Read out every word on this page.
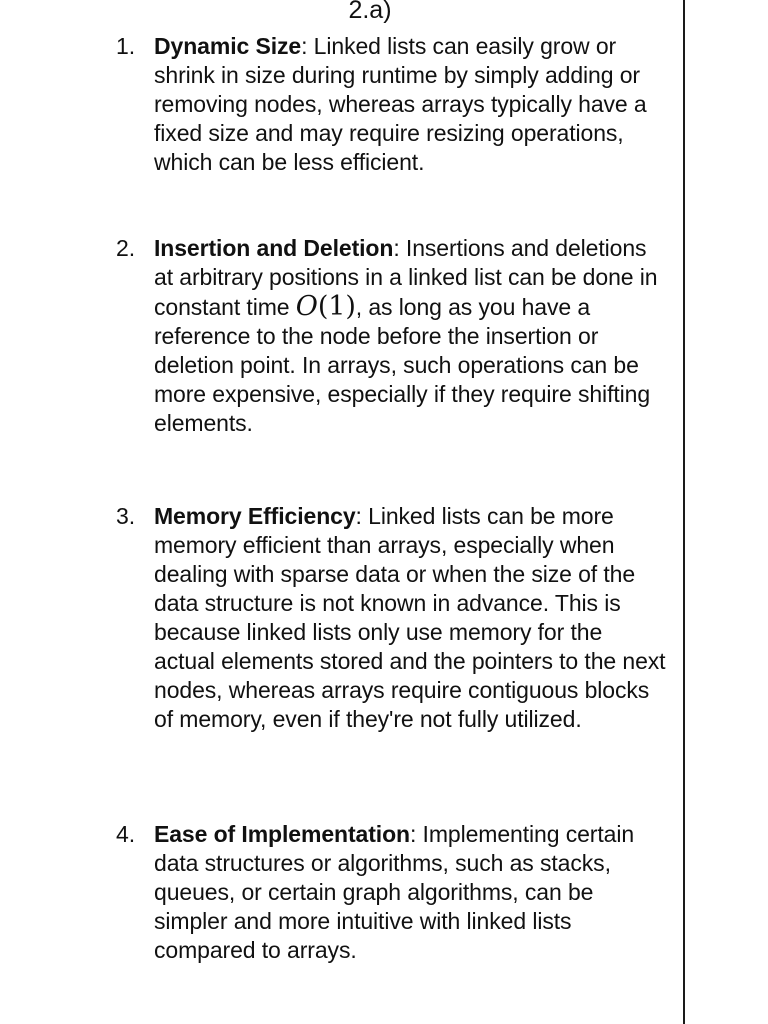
2.a)
1. Dynamic Size: Linked lists can easily grow or shrink in size during runtime by simply adding or removing nodes, whereas arrays typically have a fixed size and may require resizing operations, which can be less efficient.
2. Insertion and Deletion: Insertions and deletions at arbitrary positions in a linked list can be done in constant time O(1), as long as you have a reference to the node before the insertion or deletion point. In arrays, such operations can be more expensive, especially if they require shifting elements.
3. Memory Efficiency: Linked lists can be more memory efficient than arrays, especially when dealing with sparse data or when the size of the data structure is not known in advance. This is because linked lists only use memory for the actual elements stored and the pointers to the next nodes, whereas arrays require contiguous blocks of memory, even if they're not fully utilized.
4. Ease of Implementation: Implementing certain data structures or algorithms, such as stacks, queues, or certain graph algorithms, can be simpler and more intuitive with linked lists compared to arrays.
